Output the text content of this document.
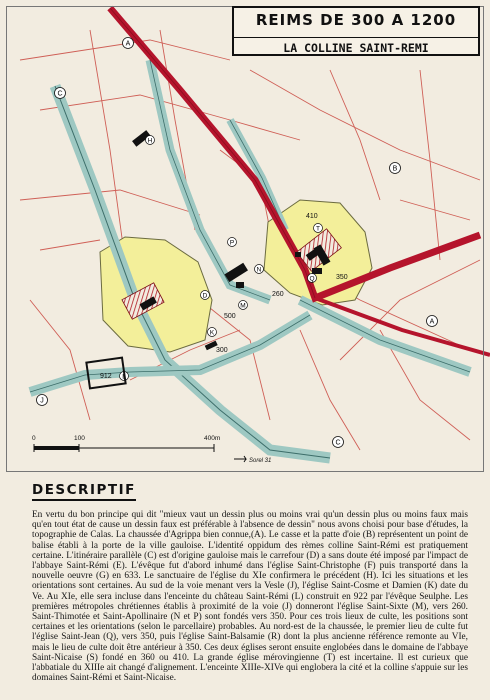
A
A
C
C
J
B
P
N
K
M
H
D
T
Q
L
410
350
260
500
300
912
0	100	400m
Sorel 31
REIMS DE 300 A 1200
LA COLLINE SAINT-REMI
DESCRIPTIF
En vertu du bon principe qui dit "mieux vaut un dessin plus ou moins vrai qu'un dessin plus ou moins faux mais qu'en tout état de cause un dessin faux est préférable à l'absence de dessin" nous avons choisi pour base d'études, la topographie de Calas. La chaussée d'Agrippa bien connue,(A). Le casse et la patte d'oie (B) représentent un point de balise établi à la porte de la ville gauloise. L'identité oppidum des rèmes colline Saint-Rémi est pratiquement certaine. L'itinéraire parallèle (C) est d'origine gauloise mais le carrefour (D) a sans doute été imposé par l'impact de l'abbaye Saint-Rémi (E). L'évêque fut d'abord inhumé dans l'église Saint-Christophe (F) puis transporté dans la nouvelle oeuvre (G) en 633. Le sanctuaire de l'église du XIe confirmera le précédent (H). Ici les situations et les orientations sont certaines. Au sud de la voie menant vers la Vesle (J), l'église Saint-Cosme et Damien (K) date du Ve. Au XIe, elle sera incluse dans l'enceinte du château Saint-Rémi (L) construit en 922 par l'évêque Seulphe. Les premières métropoles chrétiennes établis à proximité de la voie (J) donneront l'église Saint-Sixte (M), vers 260. Saint-Thimotée et Saint-Apollinaire (N et P) sont fondés vers 350. Pour ces trois lieux de culte, les positions sont certaines et les orientations (selon le parcellaire) probables. Au nord-est de la chaussée, le premier lieu de culte fut l'église Saint-Jean (Q), vers 350, puis l'église Saint-Balsamie (R) dont la plus ancienne référence remonte au VIe, mais le lieu de culte doit être antérieur à 350. Ces deux églises seront ensuite englobées dans le domaine de l'abbaye Saint-Nicaise (S) fondé en 360 ou 410. La grande église mérovingienne (T) est incertaine. Il est curieux que l'abbatiale du XIIIe ait changé d'alignement. L'enceinte XIIIe-XIVe qui englobera la cité et la colline s'appuie sur les domaines Saint-Rémi et Saint-Nicaise.
